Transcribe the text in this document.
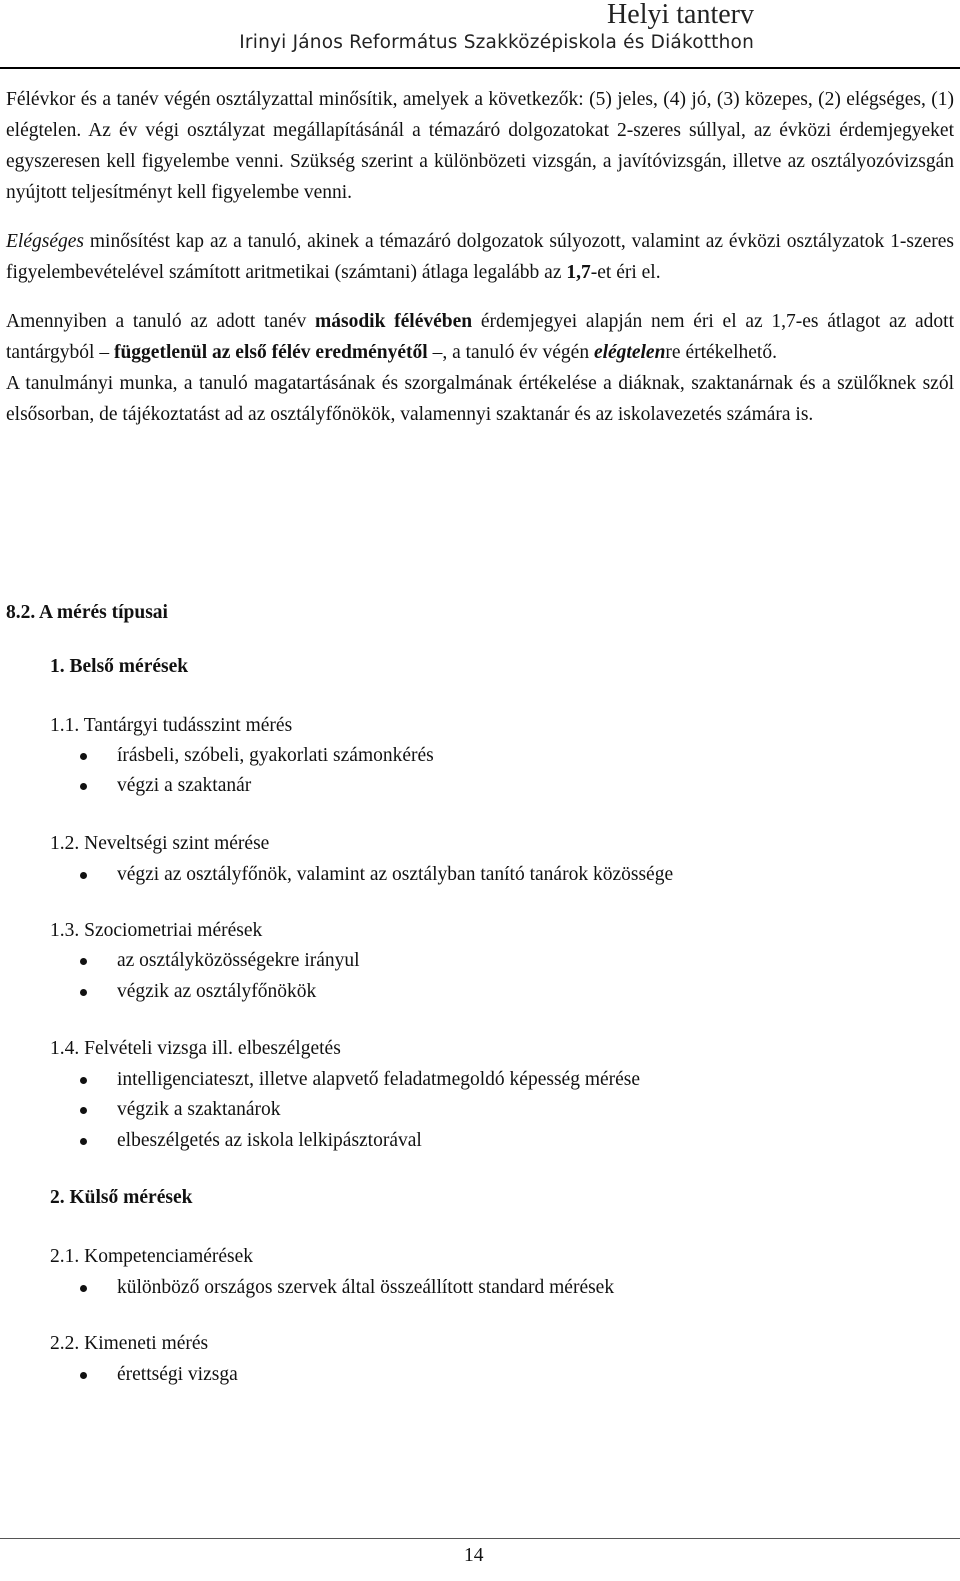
Helyi tanterv
Irinyi János Református Szakközépiskola és Diákotthon

Félévkor és a tanév végén osztályzattal minősítik, amelyek a következők: (5) jeles, (4) jó, (3) közepes, (2) elégséges, (1) elégtelen. Az év végi osztályzat megállapításánál a témazáró dolgozatokat 2-szeres súllyal, az évközi érdemjegyeket egyszeresen kell figyelembe venni. Szükség szerint a különbözeti vizsgán, a javítóvizsgán, illetve az osztályozóvizsgán nyújtott teljesítményt kell figyelembe venni.

Elégséges minősítést kap az a tanuló, akinek a témazáró dolgozatok súlyozott, valamint az évközi osztályzatok 1-szeres figyelembevételével számított aritmetikai (számtani) átlaga legalább az 1,7-et éri el.

Amennyiben a tanuló az adott tanév második félévében érdemjegyei alapján nem éri el az 1,7-es átlagot az adott tantárgyból – függetlenül az első félév eredményétől –, a tanuló év végén elégtelenre értékelhető.

A tanulmányi munka, a tanuló magatartásának és szorgalmának értékelése a diáknak, szaktanárnak és a szülőknek szól elsősorban, de tájékoztatást ad az osztályfőnökök, valamennyi szaktanár és az iskolavezetés számára is.

8.2. A mérés típusai
1. Belső mérések
1.1. Tantárgyi tudásszint mérés
írásbeli, szóbeli, gyakorlati számonkérés
végzi a szaktanár
1.2. Neveltségi szint mérése
végzi az osztályfőnök, valamint az osztályban tanító tanárok közössége
1.3. Szociometriai mérések
az osztályközösségekre irányul
végzik az osztályfőnökök
1.4. Felvételi vizsga ill. elbeszélgetés
intelligenciateszt, illetve alapvető feladatmegoldó képesség mérése
végzik a szaktanárok
elbeszélgetés az iskola lelkipásztorával
2. Külső mérések
2.1. Kompetenciamérések
különböző országos szervek által összeállított standard mérések
2.2. Kimeneti mérés
érettségi vizsga
14
